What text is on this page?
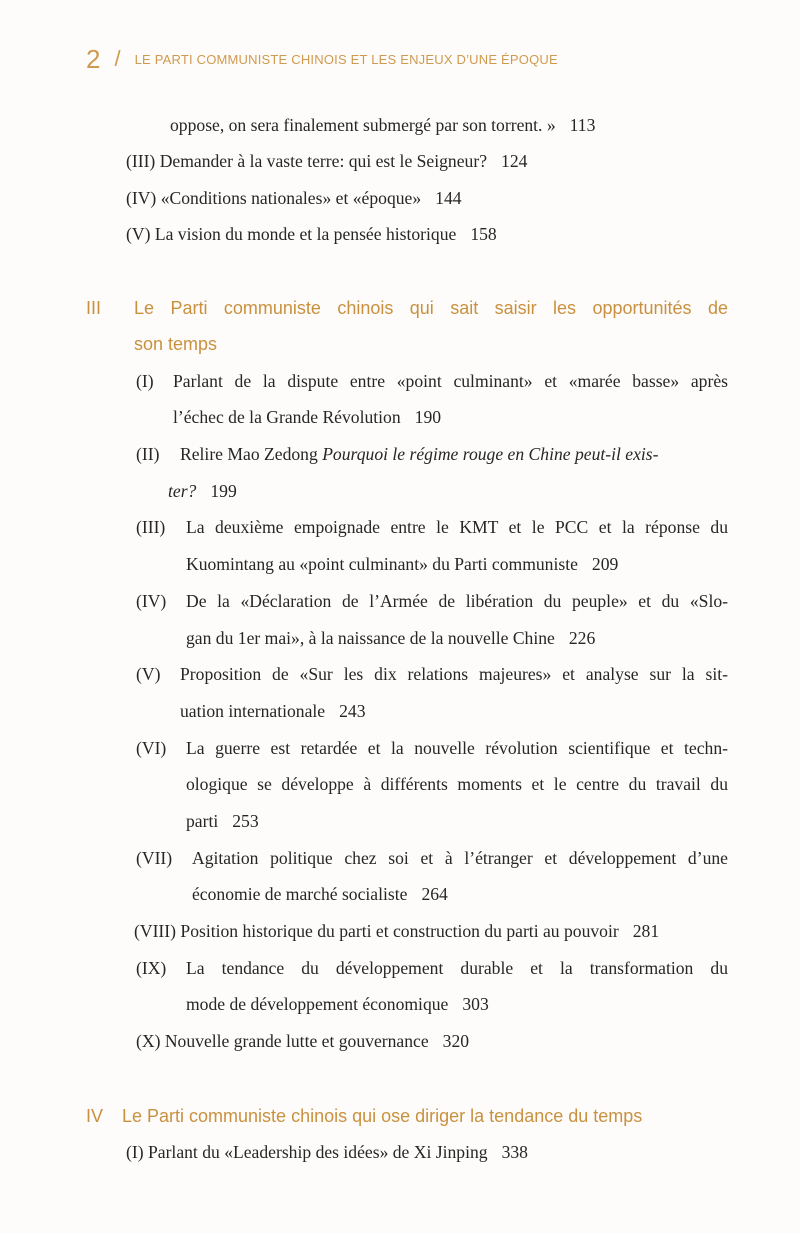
2 / LE PARTI COMMUNISTE CHINOIS ET LES ENJEUX D’UNE ÉPOQUE
oppose, on sera finalement submergé par son torrent. » 113
(III) Demander à la vaste terre: qui est le Seigneur? 124
(IV) «Conditions nationales» et «époque» 144
(V) La vision du monde et la pensée historique 158
III Le Parti communiste chinois qui sait saisir les opportunités de
son temps
(I) Parlant de la dispute entre «point culminant» et «marée basse» après
l’échec de la Grande Révolution 190
(II) Relire Mao Zedong Pourquoi le régime rouge en Chine peut-il exis-
ter? 199
(III) La deuxième empoignade entre le KMT et le PCC et la réponse du
Kuomintang au «point culminant» du Parti communiste 209
(IV) De la «Déclaration de l’Armée de libération du peuple» et du «Slo-
gan du 1er mai», à la naissance de la nouvelle Chine 226
(V) Proposition de «Sur les dix relations majeures» et analyse sur la sit-
uation internationale 243
(VI) La guerre est retardée et la nouvelle révolution scientifique et techn-
ologique se développe à différents moments et le centre du travail du
parti 253
(VII) Agitation politique chez soi et à l’étranger et développement d’une
économie de marché socialiste 264
(VIII) Position historique du parti et construction du parti au pouvoir 281
(IX) La tendance du développement durable et la transformation du
mode de développement économique 303
(X) Nouvelle grande lutte et gouvernance 320
IV Le Parti communiste chinois qui ose diriger la tendance du temps
(I) Parlant du «Leadership des idées» de Xi Jinping 338
